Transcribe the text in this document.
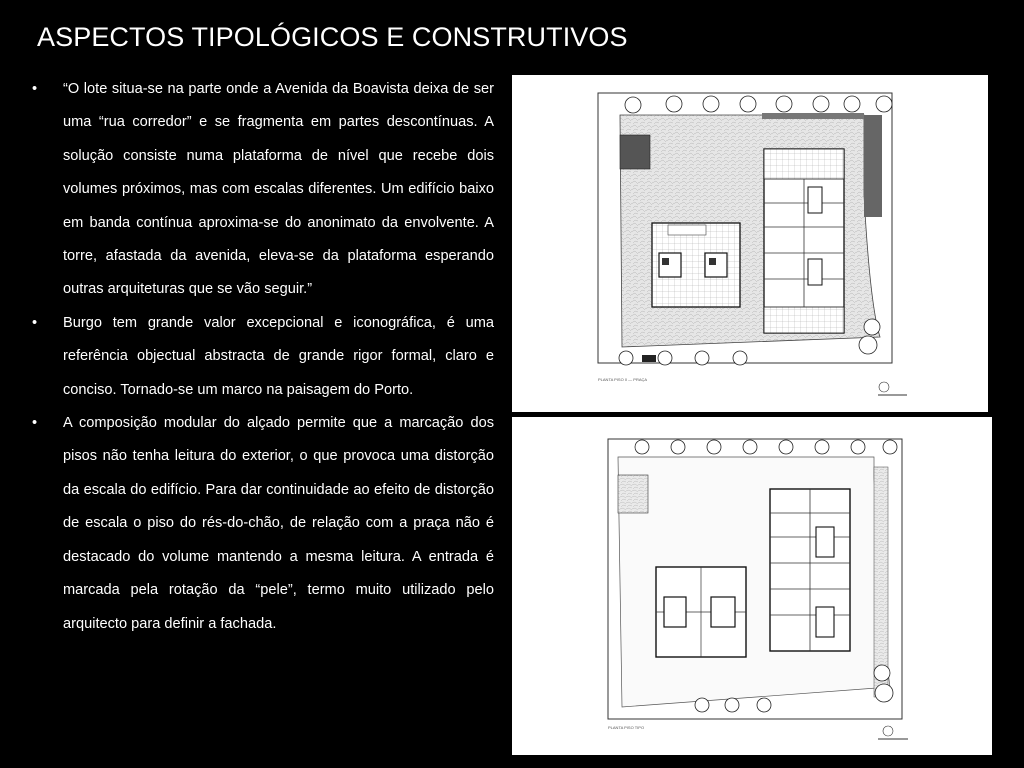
ASPECTOS TIPOLÓGICOS E CONSTRUTIVOS
• “O lote situa-se na parte onde a Avenida da Boavista deixa de ser uma “rua corredor” e se fragmenta em partes descontínuas. A solução consiste numa plataforma de nível que recebe dois volumes próximos, mas com escalas diferentes. Um edifício baixo em banda contínua aproxima-se do anonimato da envolvente. A torre, afastada da avenida, eleva-se da plataforma esperando outras arquiteturas que se vão seguir.”
• Burgo tem grande valor excepcional e iconográfica, é uma referência objectual abstracta de grande rigor formal, claro e conciso. Tornado-se um marco na paisagem do Porto.
• A composição modular do alçado permite que a marcação dos pisos não tenha leitura do exterior, o que provoca uma distorção da escala do edifício. Para dar continuidade ao efeito de distorção de escala o piso do rés-do-chão, de relação com a praça não é destacado do volume mantendo a mesma leitura. A entrada é marcada pela rotação da “pele”, termo muito utilizado pelo arquitecto para definir a fachada.
PLANTA PISO 0 — PRAÇA
PLANTA PISO TIPO
